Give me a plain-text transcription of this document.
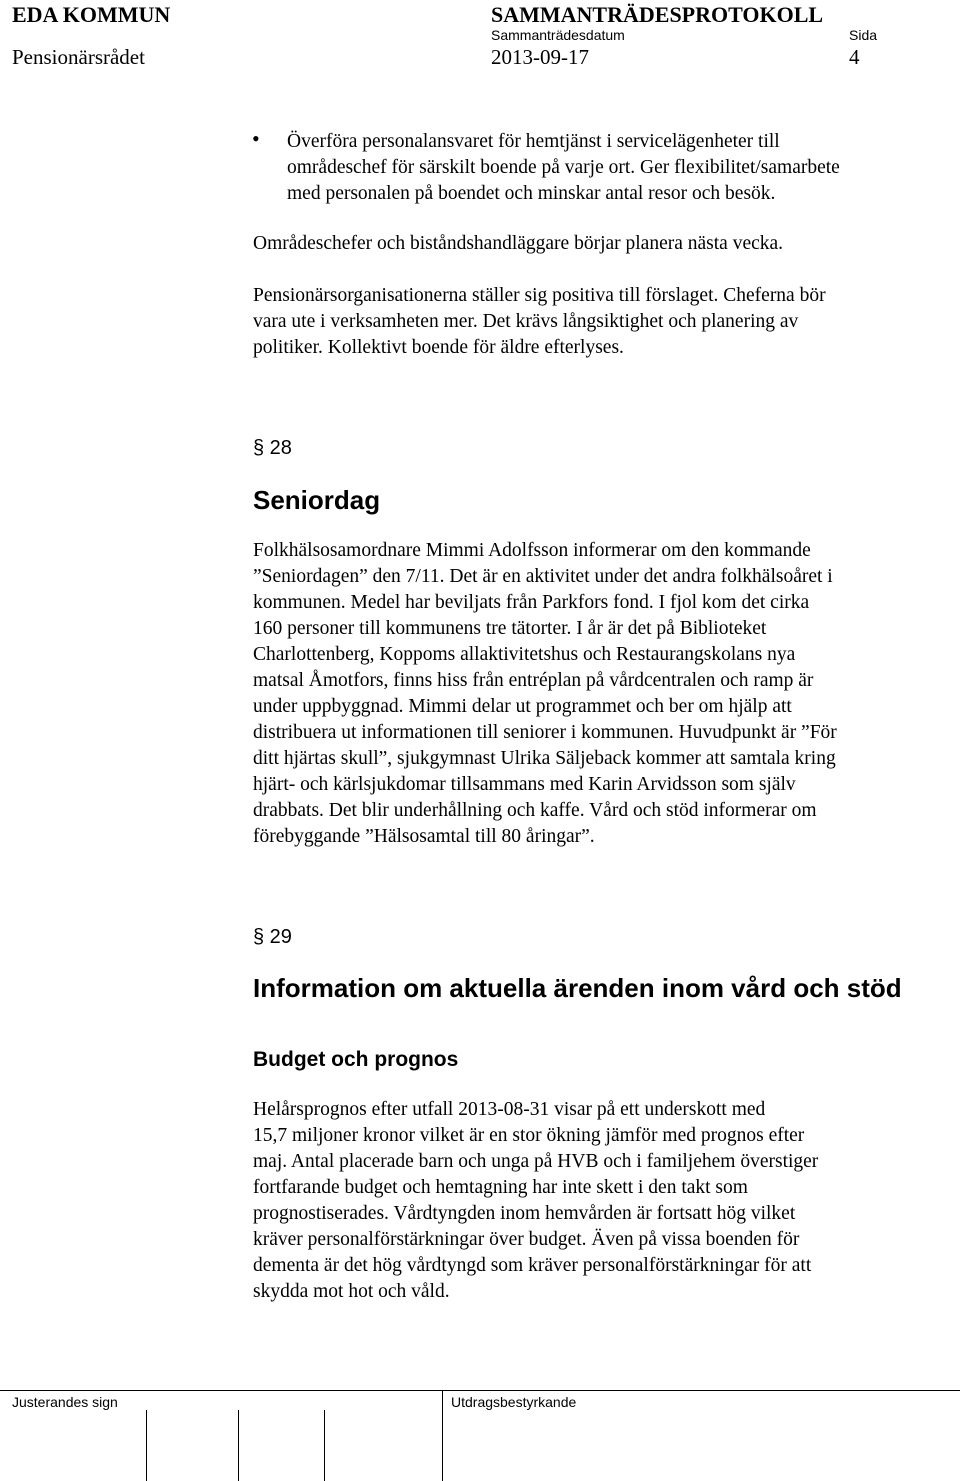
EDA KOMMUN	SAMMANTRÄDESPROTOKOLL
Sammanträdesdatum	Sida
Pensionärsrådet	2013-09-17	4
• Överföra personalansvaret för hemtjänst i servicelägenheter till
områdeschef för särskilt boende på varje ort. Ger flexibilitet/samarbete
med personalen på boendet och minskar antal resor och besök.
Områdeschefer och biståndshandläggare börjar planera nästa vecka.
Pensionärsorganisationerna ställer sig positiva till förslaget. Cheferna bör
vara ute i verksamheten mer. Det krävs långsiktighet och planering av
politiker. Kollektivt boende för äldre efterlyses.
§ 28
Seniordag
Folkhälsosamordnare Mimmi Adolfsson informerar om den kommande
”Seniordagen” den 7/11. Det är en aktivitet under det andra folkhälsoåret i
kommunen. Medel har beviljats från Parkfors fond. I fjol kom det cirka
160 personer till kommunens tre tätorter. I år är det på Biblioteket
Charlottenberg, Koppoms allaktivitetshus och Restaurangskolans nya
matsal Åmotfors, finns hiss från entréplan på vårdcentralen och ramp är
under uppbyggnad. Mimmi delar ut programmet och ber om hjälp att
distribuera ut informationen till seniorer i kommunen. Huvudpunkt är ”För
ditt hjärtas skull”, sjukgymnast Ulrika Säljeback kommer att samtala kring
hjärt- och kärlsjukdomar tillsammans med Karin Arvidsson som själv
drabbats. Det blir underhållning och kaffe. Vård och stöd informerar om
förebyggande ”Hälsosamtal till 80 åringar”.
§ 29
Information om aktuella ärenden inom vård och stöd
Budget och prognos
Helårsprognos efter utfall 2013-08-31 visar på ett underskott med
15,7 miljoner kronor vilket är en stor ökning jämför med prognos efter
maj. Antal placerade barn och unga på HVB och i familjehem överstiger
fortfarande budget och hemtagning har inte skett i den takt som
prognostiserades. Vårdtyngden inom hemvården är fortsatt hög vilket
kräver personalförstärkningar över budget. Även på vissa boenden för
dementa är det hög vårdtyngd som kräver personalförstärkningar för att
skydda mot hot och våld.
Justerandes sign	Utdragsbestyrkande
